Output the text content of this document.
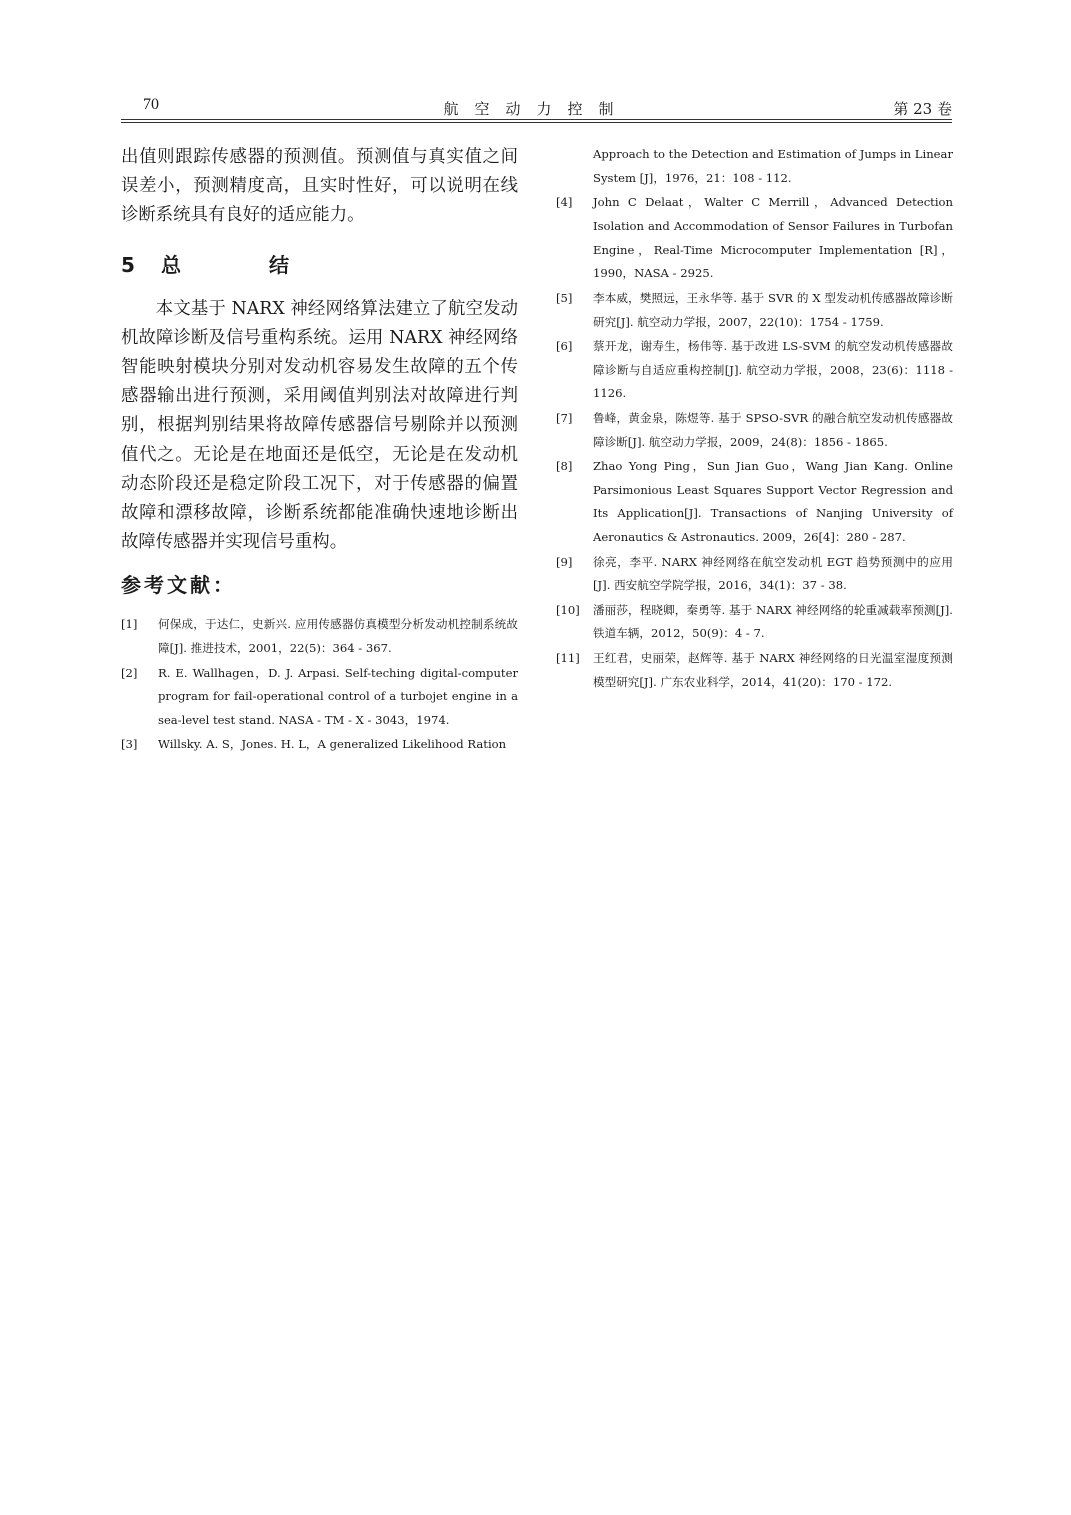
70	航空动力控制	第 23 卷

出值则跟踪传感器的预测值。预测值与真实值之间误差小，预测精度高，且实时性好，可以说明在线诊断系统具有良好的适应能力。

5 总　结

本文基于 NARX 神经网络算法建立了航空发动机故障诊断及信号重构系统。运用 NARX 神经网络智能映射模块分别对发动机容易发生故障的五个传感器输出进行预测，采用阈值判别法对故障进行判别，根据判别结果将故障传感器信号剔除并以预测值代之。无论是在地面还是低空，无论是在发动机动态阶段还是稳定阶段工况下，对于传感器的偏置故障和漂移故障，诊断系统都能准确快速地诊断出故障传感器并实现信号重构。

参考文献：

[1] 何保成，于达仁，史新兴. 应用传感器仿真模型分析发动机控制系统故障[J]. 推进技术，2001，22(5)：364 - 367.

[2] R. E. Wallhagen，D. J. Arpasi. Self-teching digital-computer program for fail-operational control of a turbojet engine in a sea-level test stand. NASA - TM - X - 3043，1974.

[3] Willsky. A. S，Jones. H. L，A generalized Likelihood Ration

Approach to the Detection and Estimation of Jumps in Linear System [J]，1976，21：108 - 112.

[4] John C Delaat，Walter C Merrill，Advanced Detection Isolation and Accommodation of Sensor Failures in Turbofan Engine，Real-Time Microcomputer Implementation [R]，1990，NASA - 2925.

[5] 李本威，樊照远，王永华等. 基于 SVR 的 X 型发动机传感器故障诊断研究[J]. 航空动力学报，2007，22(10)：1754 - 1759.

[6] 蔡开龙，谢寿生，杨伟等. 基于改进 LS-SVM 的航空发动机传感器故障诊断与自适应重构控制[J]. 航空动力学报，2008，23(6)：1118 - 1126.

[7] 鲁峰，黄金泉，陈煜等. 基于 SPSO-SVR 的融合航空发动机传感器故障诊断[J]. 航空动力学报，2009，24(8)：1856 - 1865.

[8] Zhao Yong Ping，Sun Jian Guo，Wang Jian Kang. Online Parsimonious Least Squares Support Vector Regression and Its Application[J]. Transactions of Nanjing University of Aeronautics & Astronautics. 2009，26[4]：280 - 287.

[9] 徐亮，李平. NARX 神经网络在航空发动机 EGT 趋势预测中的应用[J]. 西安航空学院学报，2016，34(1)：37 - 38.

[10] 潘丽莎，程晓卿，秦勇等. 基于 NARX 神经网络的轮重减载率预测[J]. 铁道车辆，2012，50(9)：4 - 7.

[11] 王红君，史丽荣，赵辉等. 基于 NARX 神经网络的日光温室湿度预测模型研究[J]. 广东农业科学，2014，41(20)：170 - 172.
